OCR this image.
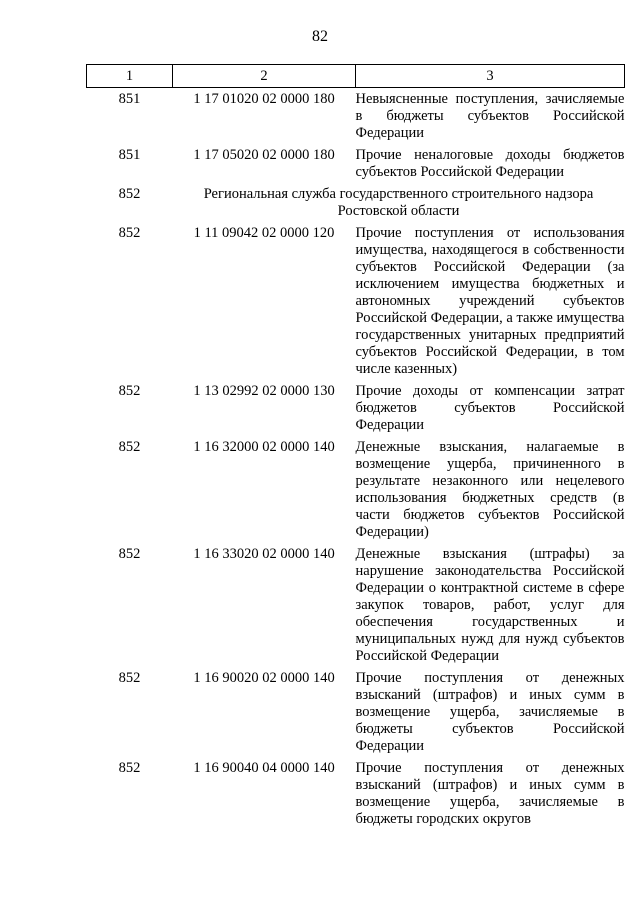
82
1	2	3
851	1 17 01020 02 0000 180	Невыясненные поступления, зачисляемые в бюджеты субъектов Российской Федерации
851	1 17 05020 02 0000 180	Прочие неналоговые доходы бюджетов субъектов Российской Федерации
852	Региональная служба государственного строительного надзора Ростовской области	
852	1 11 09042 02 0000 120	Прочие поступления от использования имущества, находящегося в собственности субъектов Российской Федерации (за исключением имущества бюджетных и автономных учреждений субъектов Российской Федерации, а также имущества государственных унитарных предприятий субъектов Российской Федерации, в том числе казенных)
852	1 13 02992 02 0000 130	Прочие доходы от компенсации затрат бюджетов субъектов Российской Федерации
852	1 16 32000 02 0000 140	Денежные взыскания, налагаемые в возмещение ущерба, причиненного в результате незаконного или нецелевого использования бюджетных средств (в части бюджетов субъектов Российской Федерации)
852	1 16 33020 02 0000 140	Денежные взыскания (штрафы) за нарушение законодательства Российской Федерации о контрактной системе в сфере закупок товаров, работ, услуг для обеспечения государственных и муниципальных нужд для нужд субъектов Российской Федерации
852	1 16 90020 02 0000 140	Прочие поступления от денежных взысканий (штрафов) и иных сумм в возмещение ущерба, зачисляемые в бюджеты субъектов Российской Федерации
852	1 16 90040 04 0000 140	Прочие поступления от денежных взысканий (штрафов) и иных сумм в возмещение ущерба, зачисляемые в бюджеты городских округов
